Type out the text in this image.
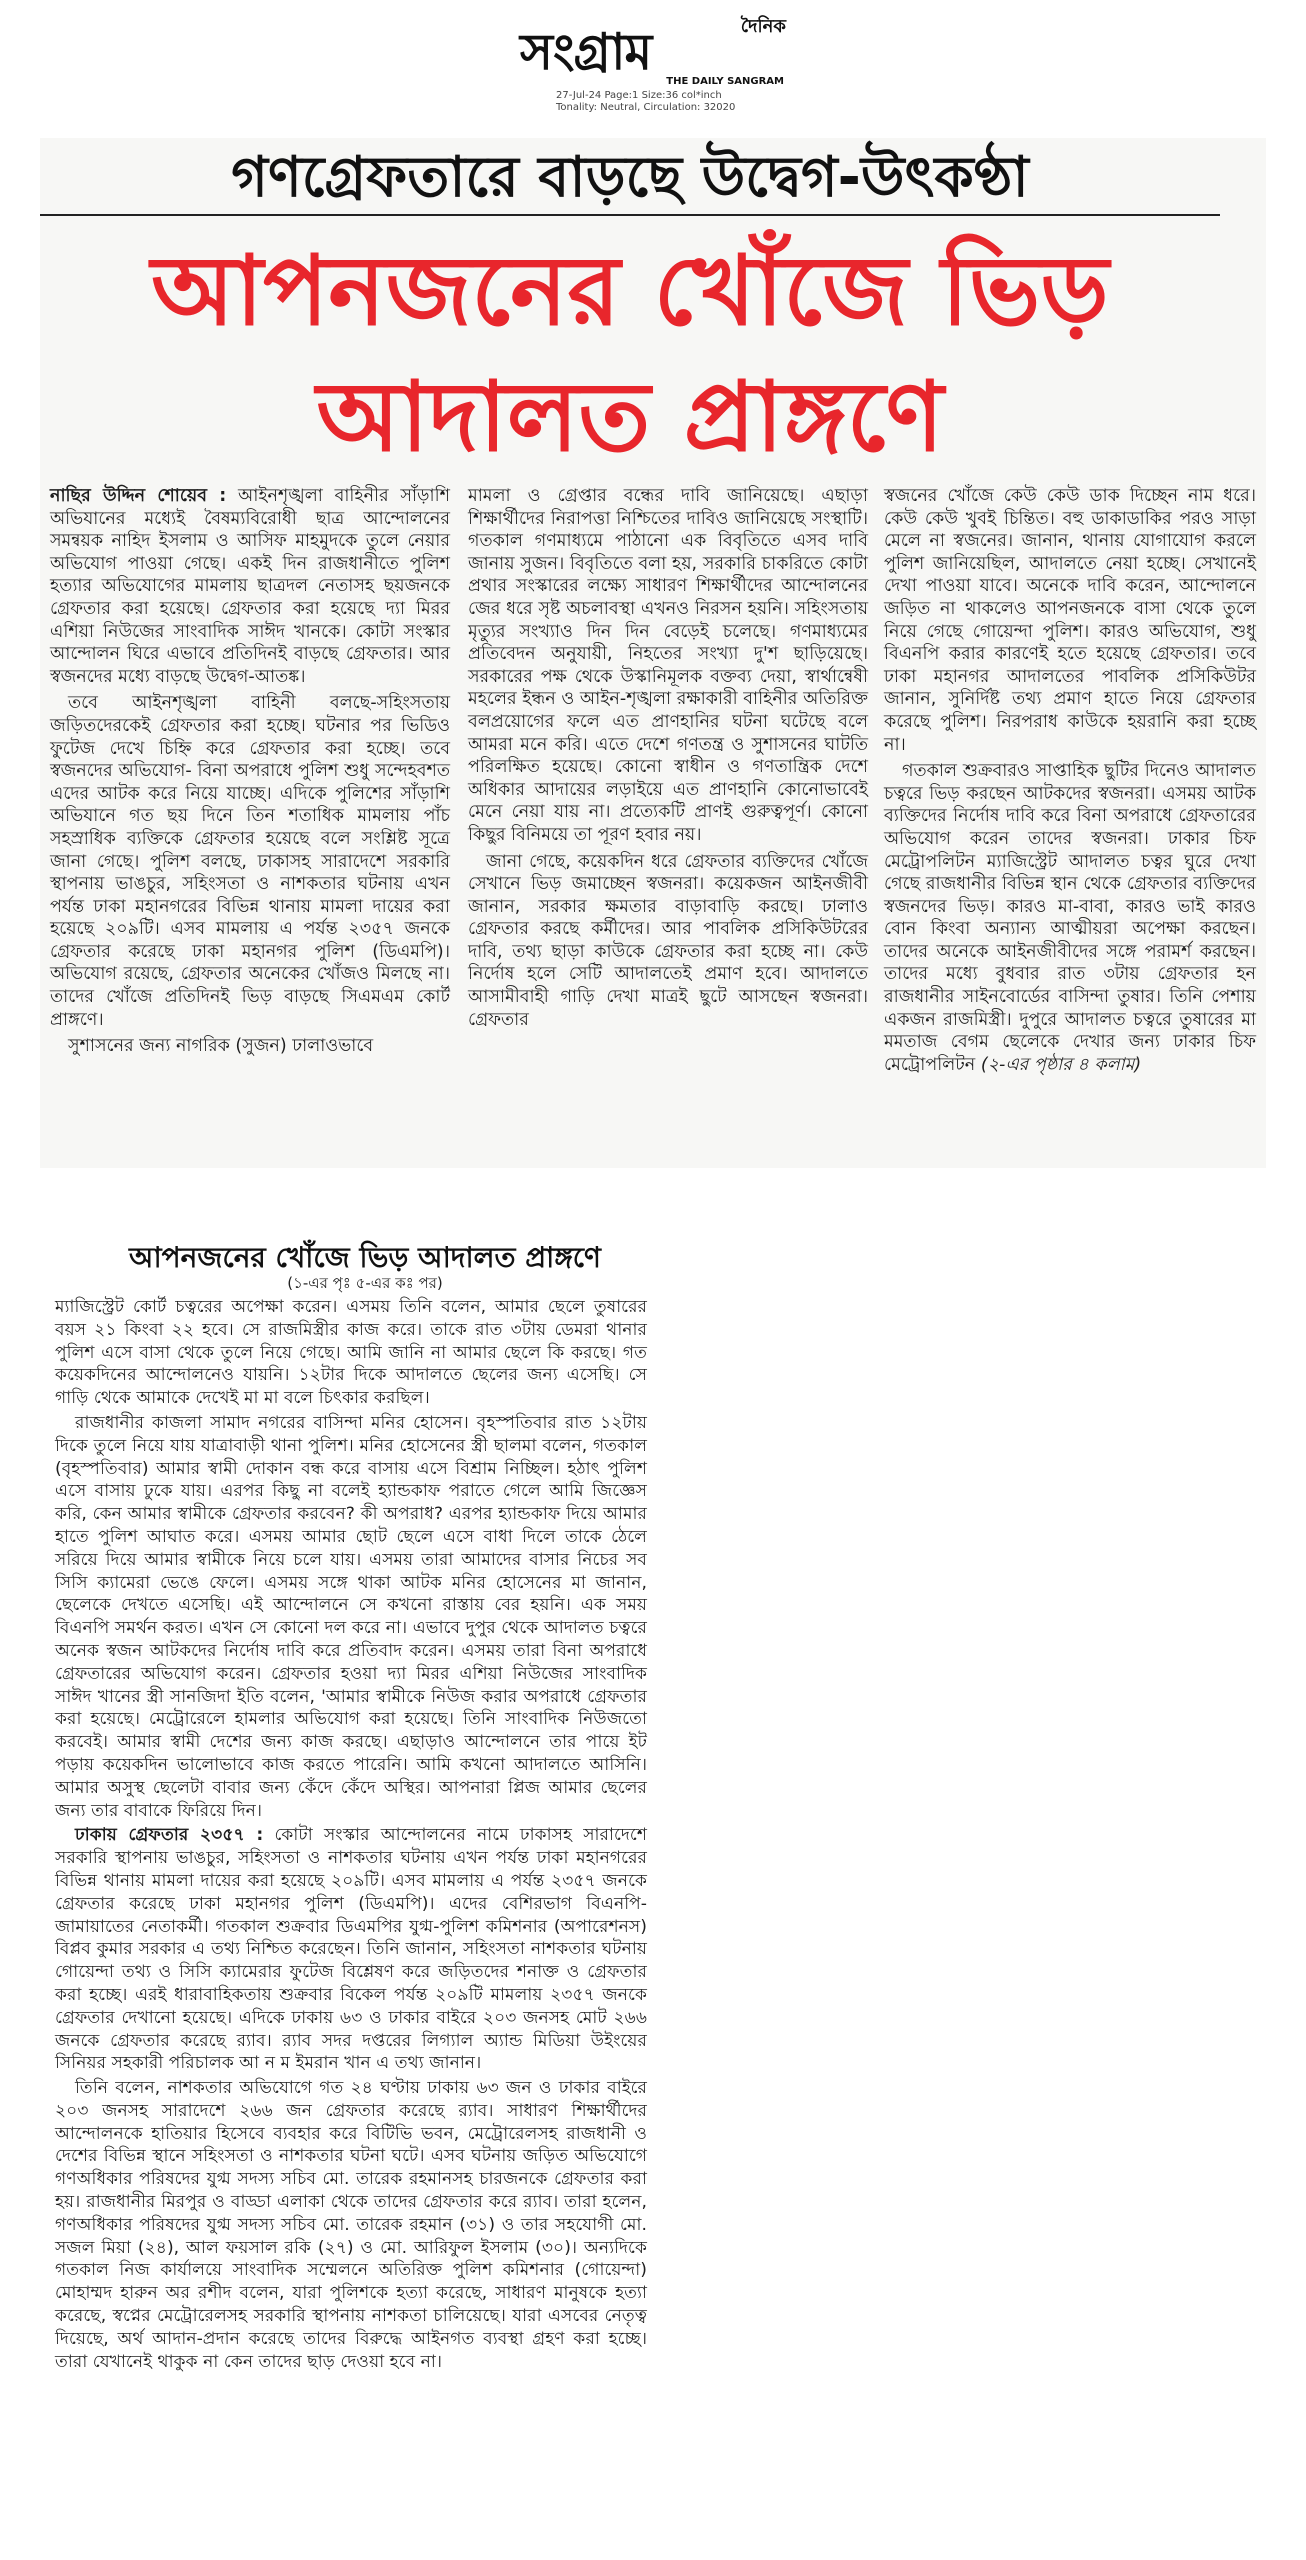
দৈনিক
সংগ্রাম
THE DAILY SANGRAM
27-Jul-24 Page:1 Size:36 col*inch
Tonality: Neutral, Circulation: 32020
গণগ্রেফতারে বাড়ছে উদ্বেগ-উৎকণ্ঠা
আপনজনের খোঁজে ভিড়
আদালত প্রাঙ্গণে

নাছির উদ্দিন শোয়েব : আইনশৃঙ্খলা বাহিনীর সাঁড়াশি অভিযানের মধ্যেই বৈষম্যবিরোধী ছাত্র আন্দোলনের সমন্বয়ক নাহিদ ইসলাম ও আসিফ মাহমুদকে তুলে নেয়ার অভিযোগ পাওয়া গেছে। একই দিন রাজধানীতে পুলিশ হত্যার অভিযোগের মামলায় ছাত্রদল নেতাসহ ছয়জনকে গ্রেফতার করা হয়েছে। গ্রেফতার করা হয়েছে দ্যা মিরর এশিয়া নিউজের সাংবাদিক সাঈদ খানকে। কোটা সংস্কার আন্দোলন ঘিরে এভাবে প্রতিদিনই বাড়ছে গ্রেফতার। আর স্বজনদের মধ্যে বাড়ছে উদ্বেগ-আতঙ্ক।

তবে আইনশৃঙ্খলা বাহিনী বলছে-সহিংসতায় জড়িতদেরকেই গ্রেফতার করা হচ্ছে। ঘটনার পর ভিডিও ফুটেজ দেখে চিহ্নি করে গ্রেফতার করা হচ্ছে। তবে স্বজনদের অভিযোগ- বিনা অপরাধে পুলিশ শুধু সন্দেহবশত এদের আটক করে নিয়ে যাচ্ছে। এদিকে পুলিশের সাঁড়াশি অভিযানে গত ছয় দিনে তিন শতাধিক মামলায় পাঁচ সহস্রাধিক ব্যক্তিকে গ্রেফতার হয়েছে বলে সংশ্লিষ্ট সূত্রে জানা গেছে। পুলিশ বলছে, ঢাকাসহ সারাদেশে সরকারি স্থাপনায় ভাঙচুর, সহিংসতা ও নাশকতার ঘটনায় এখন পর্যন্ত ঢাকা মহানগরের বিভিন্ন থানায় মামলা দায়ের করা হয়েছে ২০৯টি। এসব মামলায় এ পর্যন্ত ২৩৫৭ জনকে গ্রেফতার করেছে ঢাকা মহানগর পুলিশ (ডিএমপি)। অভিযোগ রয়েছে, গ্রেফতার অনেকের খোঁজও মিলছে না। তাদের খোঁজে প্রতিদিনই ভিড় বাড়ছে সিএমএম কোর্ট প্রাঙ্গণে।

সুশাসনের জন্য নাগরিক (সুজন) ঢালাওভাবে

মামলা ও গ্রেপ্তার বন্ধের দাবি জানিয়েছে। এছাড়া শিক্ষার্থীদের নিরাপত্তা নিশ্চিতের দাবিও জানিয়েছে সংস্থাটি। গতকাল গণমাধ্যমে পাঠানো এক বিবৃতিতে এসব দাবি জানায় সুজন। বিবৃতিতে বলা হয়, সরকারি চাকরিতে কোটা প্রথার সংস্কারের লক্ষ্যে সাধারণ শিক্ষার্থীদের আন্দোলনের জের ধরে সৃষ্ট অচলাবস্থা এখনও নিরসন হয়নি। সহিংসতায় মৃত্যুর সংখ্যাও দিন দিন বেড়েই চলেছে। গণমাধ্যমের প্রতিবেদন অনুযায়ী, নিহতের সংখ্যা দু'শ ছাড়িয়েছে। সরকারের পক্ষ থেকে উস্কানিমূলক বক্তব্য দেয়া, স্বার্থান্বেষী মহলের ইন্ধন ও আইন-শৃঙ্খলা রক্ষাকারী বাহিনীর অতিরিক্ত বলপ্রয়োগের ফলে এত প্রাণহানির ঘটনা ঘটেছে বলে আমরা মনে করি। এতে দেশে গণতন্ত্র ও সুশাসনের ঘাটতি পরিলক্ষিত হয়েছে। কোনো স্বাধীন ও গণতান্ত্রিক দেশে অধিকার আদায়ের লড়াইয়ে এত প্রাণহানি কোনোভাবেই মেনে নেয়া যায় না। প্রত্যেকটি প্রাণই গুরুত্বপূর্ণ। কোনো কিছুর বিনিময়ে তা পূরণ হবার নয়।

জানা গেছে, কয়েকদিন ধরে গ্রেফতার ব্যক্তিদের খোঁজে সেখানে ভিড় জমাচ্ছেন স্বজনরা। কয়েকজন আইনজীবী জানান, সরকার ক্ষমতার বাড়াবাড়ি করছে। ঢালাও গ্রেফতার করছে কর্মীদের। আর পাবলিক প্রসিকিউটরের দাবি, তথ্য ছাড়া কাউকে গ্রেফতার করা হচ্ছে না। কেউ নির্দোষ হলে সেটি আদালতেই প্রমাণ হবে। আদালতে আসামীবাহী গাড়ি দেখা মাত্রই ছুটে আসছেন স্বজনরা। গ্রেফতার

স্বজনের খোঁজে কেউ কেউ ডাক দিচ্ছেন নাম ধরে। কেউ কেউ খুবই চিন্তিত। বহু ডাকাডাকির পরও সাড়া মেলে না স্বজনের। জানান, থানায় যোগাযোগ করলে পুলিশ জানিয়েছিল, আদালতে নেয়া হচ্ছে। সেখানেই দেখা পাওয়া যাবে। অনেকে দাবি করেন, আন্দোলনে জড়িত না থাকলেও আপনজনকে বাসা থেকে তুলে নিয়ে গেছে গোয়েন্দা পুলিশ। কারও অভিযোগ, শুধু বিএনপি করার কারণেই হতে হয়েছে গ্রেফতার। তবে ঢাকা মহানগর আদালতের পাবলিক প্রসিকিউটর জানান, সুনির্দিষ্ট তথ্য প্রমাণ হাতে নিয়ে গ্রেফতার করেছে পুলিশ। নিরপরাধ কাউকে হয়রানি করা হচ্ছে না।

গতকাল শুক্রবারও সাপ্তাহিক ছুটির দিনেও আদালত চত্বরে ভিড় করছেন আটকদের স্বজনরা। এসময় আটক ব্যক্তিদের নির্দোষ দাবি করে বিনা অপরাধে গ্রেফতারের অভিযোগ করেন তাদের স্বজনরা। ঢাকার চিফ মেট্রোপলিটন ম্যাজিস্ট্রেট আদালত চত্বর ঘুরে দেখা গেছে রাজধানীর বিভিন্ন স্থান থেকে গ্রেফতার ব্যক্তিদের স্বজনদের ভিড়। কারও মা-বাবা, কারও ভাই কারও বোন কিংবা অন্যান্য আত্মীয়রা অপেক্ষা করছেন। তাদের অনেকে আইনজীবীদের সঙ্গে পরামর্শ করছেন। তাদের মধ্যে বুধবার রাত ৩টায় গ্রেফতার হন রাজধানীর সাইনবোর্ডের বাসিন্দা তুষার। তিনি পেশায় একজন রাজমিস্ত্রী। দুপুরে আদালত চত্বরে তুষারের মা মমতাজ বেগম ছেলেকে দেখার জন্য ঢাকার চিফ মেট্রোপলিটন (২-এর পৃষ্ঠার ৪ কলাম)

আপনজনের খোঁজে ভিড় আদালত প্রাঙ্গণে
(১-এর পৃঃ ৫-এর কঃ পর)

ম্যাজিস্ট্রেট কোর্ট চত্বরের অপেক্ষা করেন। এসময় তিনি বলেন, আমার ছেলে তুষারের বয়স ২১ কিংবা ২২ হবে। সে রাজমিস্ত্রীর কাজ করে। তাকে রাত ৩টায় ডেমরা থানার পুলিশ এসে বাসা থেকে তুলে নিয়ে গেছে। আমি জানি না আমার ছেলে কি করছে। গত কয়েকদিনের আন্দোলনেও যায়নি। ১২টার দিকে আদালতে ছেলের জন্য এসেছি। সে গাড়ি থেকে আমাকে দেখেই মা মা বলে চিৎকার করছিল।

রাজধানীর কাজলা সামাদ নগরের বাসিন্দা মনির হোসেন। বৃহস্পতিবার রাত ১২টায় দিকে তুলে নিয়ে যায় যাত্রাবাড়ী থানা পুলিশ। মনির হোসেনের স্ত্রী ছালমা বলেন, গতকাল (বৃহস্পতিবার) আমার স্বামী দোকান বন্ধ করে বাসায় এসে বিশ্রাম নিচ্ছিল। হঠাৎ পুলিশ এসে বাসায় ঢুকে যায়। এরপর কিছু না বলেই হ্যান্ডকাফ পরাতে গেলে আমি জিজ্ঞেস করি, কেন আমার স্বামীকে গ্রেফতার করবেন? কী অপরাধ? এরপর হ্যান্ডকাফ দিয়ে আমার হাতে পুলিশ আঘাত করে। এসময় আমার ছোট ছেলে এসে বাধা দিলে তাকে ঠেলে সরিয়ে দিয়ে আমার স্বামীকে নিয়ে চলে যায়। এসময় তারা আমাদের বাসার নিচের সব সিসি ক্যামেরা ভেঙে ফেলে। এসময় সঙ্গে থাকা আটক মনির হোসেনের মা জানান, ছেলেকে দেখতে এসেছি। এই আন্দোলনে সে কখনো রাস্তায় বের হয়নি। এক সময় বিএনপি সমর্থন করত। এখন সে কোনো দল করে না। এভাবে দুপুর থেকে আদালত চত্বরে অনেক স্বজন আটকদের নির্দোষ দাবি করে প্রতিবাদ করেন। এসময় তারা বিনা অপরাধে গ্রেফতারের অভিযোগ করেন। গ্রেফতার হওয়া দ্যা মিরর এশিয়া নিউজের সাংবাদিক সাঈদ খানের স্ত্রী সানজিদা ইতি বলেন, 'আমার স্বামীকে নিউজ করার অপরাধে গ্রেফতার করা হয়েছে। মেট্রোরেলে হামলার অভিযোগ করা হয়েছে। তিনি সাংবাদিক নিউজতো করবেই। আমার স্বামী দেশের জন্য কাজ করছে। এছাড়াও আন্দোলনে তার পায়ে ইট পড়ায় কয়েকদিন ভালোভাবে কাজ করতে পারেনি। আমি কখনো আদালতে আসিনি। আমার অসুস্থ ছেলেটা বাবার জন্য কেঁদে কেঁদে অস্থির। আপনারা প্লিজ আমার ছেলের জন্য তার বাবাকে ফিরিয়ে দিন।

ঢাকায় গ্রেফতার ২৩৫৭ : কোটা সংস্কার আন্দোলনের নামে ঢাকাসহ সারাদেশে সরকারি স্থাপনায় ভাঙচুর, সহিংসতা ও নাশকতার ঘটনায় এখন পর্যন্ত ঢাকা মহানগরের বিভিন্ন থানায় মামলা দায়ের করা হয়েছে ২০৯টি। এসব মামলায় এ পর্যন্ত ২৩৫৭ জনকে গ্রেফতার করেছে ঢাকা মহানগর পুলিশ (ডিএমপি)। এদের বেশিরভাগ বিএনপি-জামায়াতের নেতাকর্মী। গতকাল শুক্রবার ডিএমপির যুগ্ম-পুলিশ কমিশনার (অপারেশনস) বিপ্লব কুমার সরকার এ তথ্য নিশ্চিত করেছেন। তিনি জানান, সহিংসতা নাশকতার ঘটনায় গোয়েন্দা তথ্য ও সিসি ক্যামেরার ফুটেজ বিশ্লেষণ করে জড়িতদের শনাক্ত ও গ্রেফতার করা হচ্ছে। এরই ধারাবাহিকতায় শুক্রবার বিকেল পর্যন্ত ২০৯টি মামলায় ২৩৫৭ জনকে গ্রেফতার দেখানো হয়েছে। এদিকে ঢাকায় ৬৩ ও ঢাকার বাইরে ২০৩ জনসহ মোট ২৬৬ জনকে গ্রেফতার করেছে র‍্যাব। র‍্যাব সদর দপ্তরের লিগ্যাল অ্যান্ড মিডিয়া উইংয়ের সিনিয়র সহকারী পরিচালক আ ন ম ইমরান খান এ তথ্য জানান।

তিনি বলেন, নাশকতার অভিযোগে গত ২৪ ঘণ্টায় ঢাকায় ৬৩ জন ও ঢাকার বাইরে ২০৩ জনসহ সারাদেশে ২৬৬ জন গ্রেফতার করেছে র‍্যাব। সাধারণ শিক্ষার্থীদের আন্দোলনকে হাতিয়ার হিসেবে ব্যবহার করে বিটিভি ভবন, মেট্রোরেলসহ রাজধানী ও দেশের বিভিন্ন স্থানে সহিংসতা ও নাশকতার ঘটনা ঘটে। এসব ঘটনায় জড়িত অভিযোগে গণঅধিকার পরিষদের যুগ্ম সদস্য সচিব মো. তারেক রহমানসহ চারজনকে গ্রেফতার করা হয়। রাজধানীর মিরপুর ও বাড্ডা এলাকা থেকে তাদের গ্রেফতার করে র‍্যাব। তারা হলেন, গণঅধিকার পরিষদের যুগ্ম সদস্য সচিব মো. তারেক রহমান (৩১) ও তার সহযোগী মো. সজল মিয়া (২৪), আল ফয়সাল রকি (২৭) ও মো. আরিফুল ইসলাম (৩০)। অন্যদিকে গতকাল নিজ কার্যালয়ে সাংবাদিক সম্মেলনে অতিরিক্ত পুলিশ কমিশনার (গোয়েন্দা) মোহাম্মদ হারুন অর রশীদ বলেন, যারা পুলিশকে হত্যা করেছে, সাধারণ মানুষকে হত্যা করেছে, স্বপ্নের মেট্রোরেলসহ সরকারি স্থাপনায় নাশকতা চালিয়েছে। যারা এসবের নেতৃত্ব দিয়েছে, অর্থ আদান-প্রদান করেছে তাদের বিরুদ্ধে আইনগত ব্যবস্থা গ্রহণ করা হচ্ছে। তারা যেখানেই থাকুক না কেন তাদের ছাড় দেওয়া হবে না।
